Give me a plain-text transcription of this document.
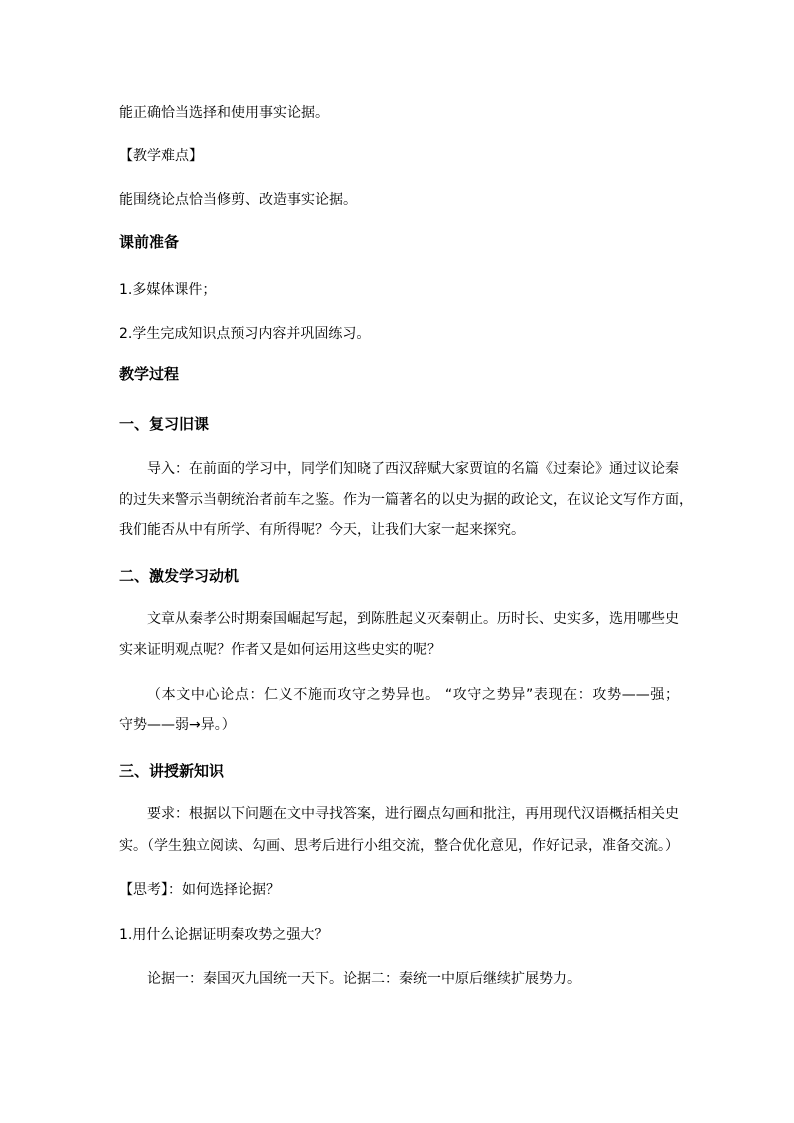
能正确恰当选择和使用事实论据。
【教学难点】
能围绕论点恰当修剪、改造事实论据。
课前准备
1.多媒体课件；
2.学生完成知识点预习内容并巩固练习。
教学过程
一、复习旧课
导入：在前面的学习中，同学们知晓了西汉辞赋大家贾谊的名篇《过秦论》通过议论秦
的过失来警示当朝统治者前车之鉴。作为一篇著名的以史为据的政论文，在议论文写作方面，
我们能否从中有所学、有所得呢？今天，让我们大家一起来探究。
二、激发学习动机
文章从秦孝公时期秦国崛起写起，到陈胜起义灭秦朝止。历时长、史实多，选用哪些史
实来证明观点呢？作者又是如何运用这些史实的呢？
（本文中心论点：仁义不施而攻守之势异也。 “攻守之势异”表现在：攻势——强；
守势——弱→异。）
三、讲授新知识
要求：根据以下问题在文中寻找答案，进行圈点勾画和批注，再用现代汉语概括相关史
实。（学生独立阅读、勾画、思考后进行小组交流，整合优化意见，作好记录，准备交流。）
【思考】：如何选择论据？
1.用什么论据证明秦攻势之强大？
论据一：秦国灭九国统一天下。论据二：秦统一中原后继续扩展势力。
